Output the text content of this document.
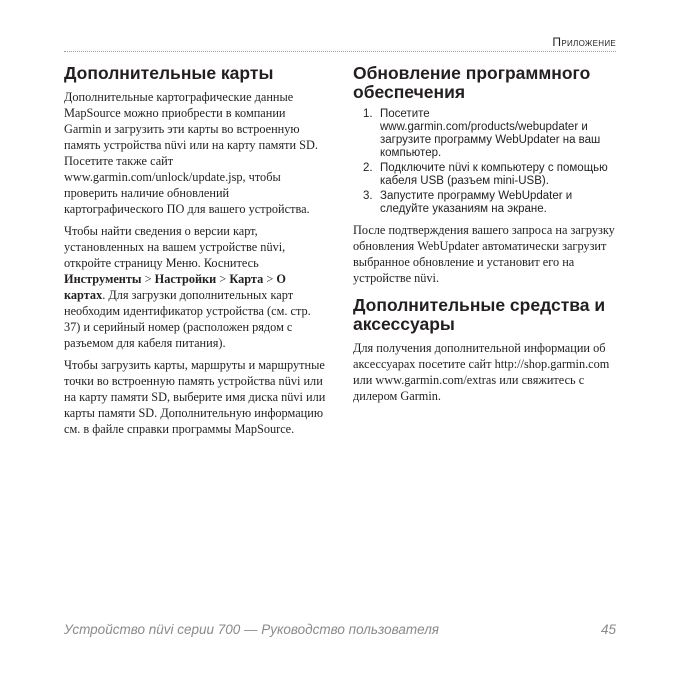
Приложение
Дополнительные карты

Дополнительные картографические данные MapSource можно приобрести в компании Garmin и загрузить эти карты во встроенную память устройства nüvi или на карту памяти SD. Посетите также сайт www.garmin.com/unlock/update.jsp, чтобы проверить наличие обновлений картографического ПО для вашего устройства.

Чтобы найти сведения о версии карт, установленных на вашем устройстве nüvi, откройте страницу Меню. Коснитесь Инструменты > Настройки > Карта > О картах. Для загрузки дополнительных карт необходим идентификатор устройства (см. стр. 37) и серийный номер (расположен рядом с разъемом для кабеля питания).

Чтобы загрузить карты, маршруты и маршрутные точки во встроенную память устройства nüvi или на карту памяти SD, выберите имя диска nüvi или карты памяти SD. Дополнительную информацию см. в файле справки программы MapSource.

Обновление программного обеспечения
1. Посетите www.garmin.com/products/webupdater и загрузите программу WebUpdater на ваш компьютер.
2. Подключите nüvi к компьютеру с помощью кабеля USB (разъем mini-USB).
3. Запустите программу WebUpdater и следуйте указаниям на экране.

После подтверждения вашего запроса на загрузку обновления WebUpdater автоматически загрузит выбранное обновление и установит его на устройстве nüvi.

Дополнительные средства и аксессуары

Для получения дополнительной информации об аксессуарах посетите сайт http://shop.garmin.com или www.garmin.com/extras или свяжитесь с дилером Garmin.

Устройство nüvi серии 700 — Руководство пользователя	45
